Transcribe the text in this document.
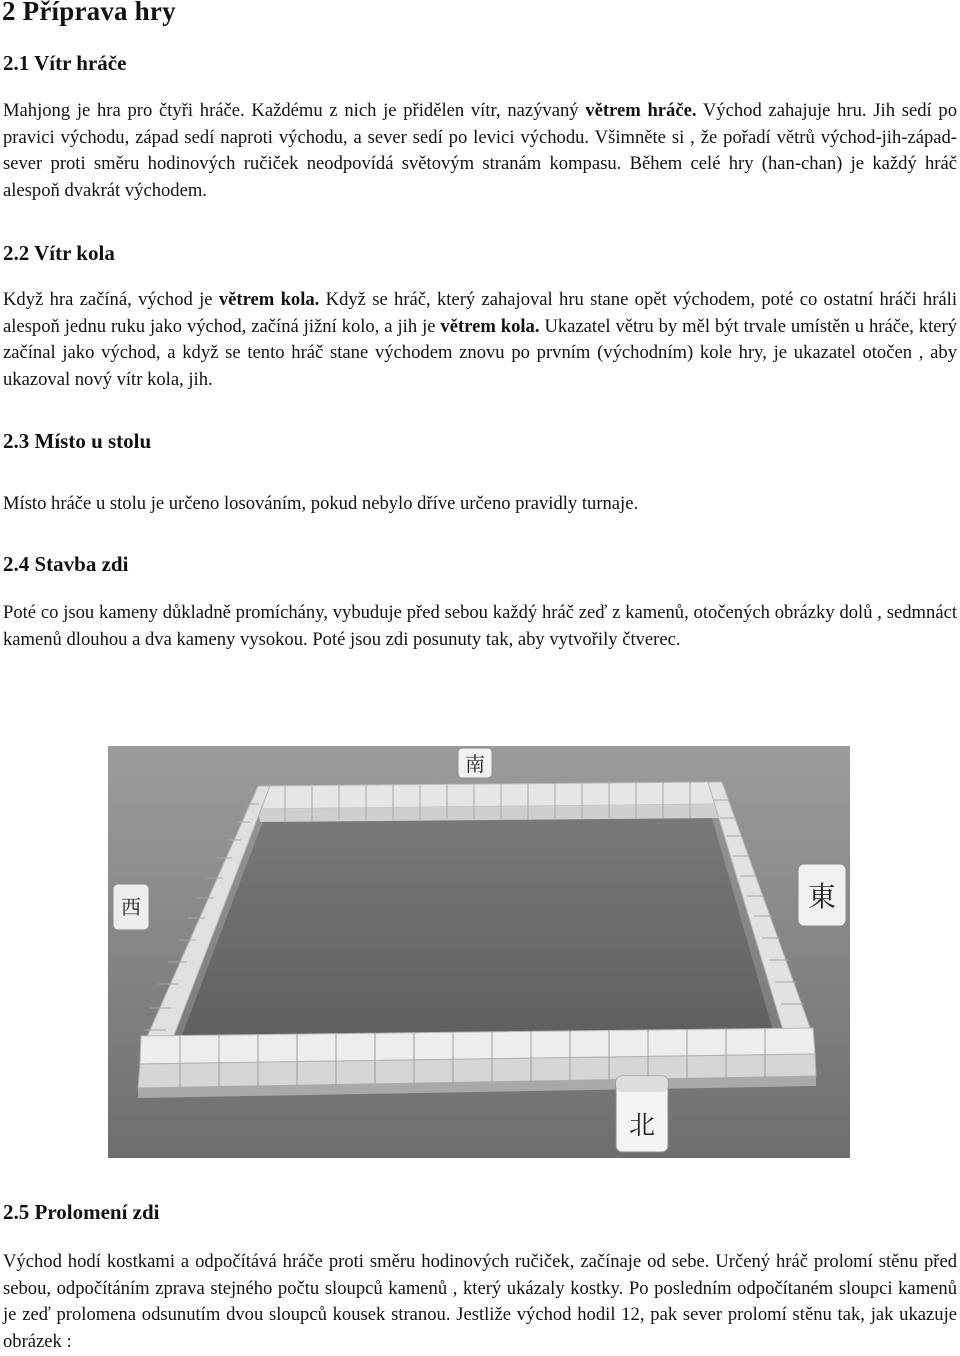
2 Příprava hry
2.1 Vítr hráče

Mahjong je hra pro čtyři hráče. Každému z nich je přidělen vítr, nazývaný větrem hráče. Východ zahajuje hru. Jih sedí po pravici východu, západ sedí naproti východu, a sever sedí po levici východu. Všimněte si , že pořadí větrů východ-jih-západ-sever proti směru hodinových ručiček neodpovídá světovým stranám kompasu. Během celé hry (han-chan) je každý hráč alespoň dvakrát východem.

2.2 Vítr kola

Když hra začíná, východ je větrem kola. Když se hráč, který zahajoval hru stane opět východem, poté co ostatní hráči hráli alespoň jednu ruku jako východ, začíná jižní kolo, a jih je větrem kola. Ukazatel větru by měl být trvale umístěn u hráče, který začínal jako východ, a když se tento hráč stane východem znovu po prvním (východním) kole hry, je ukazatel otočen , aby ukazoval nový vítr kola, jih.

2.3 Místo u stolu

Místo hráče u stolu je určeno losováním, pokud nebylo dříve určeno pravidly turnaje.

2.4 Stavba zdi

Poté co jsou kameny důkladně promíchány, vybuduje před sebou každý hráč zeď z kamenů, otočených obrázky dolů , sedmnáct kamenů dlouhou a dva kameny vysokou. Poté jsou zdi posunuty tak, aby vytvořily čtverec.

南
西	東
北
2.5 Prolomení zdi

Východ hodí kostkami a odpočítává hráče proti směru hodinových ručiček, začínaje od sebe. Určený hráč prolomí stěnu před sebou, odpočítáním zprava stejného počtu sloupců kamenů , který ukázaly kostky. Po posledním odpočítaném sloupci kamenů je zeď prolomena odsunutím dvou sloupců kousek stranou. Jestliže východ hodil 12, pak sever prolomí stěnu tak, jak ukazuje obrázek :
